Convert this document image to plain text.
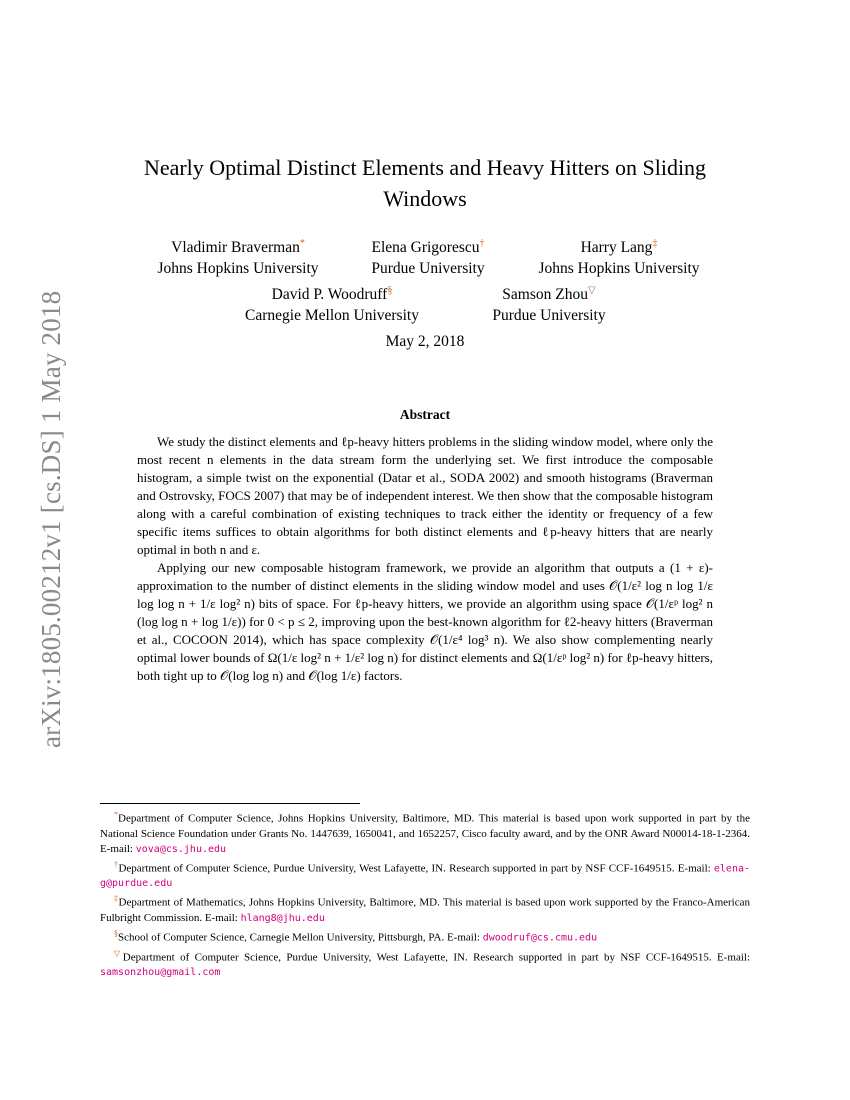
arXiv:1805.00212v1 [cs.DS] 1 May 2018
Nearly Optimal Distinct Elements and Heavy Hitters on Sliding Windows
Vladimir Braverman*
Johns Hopkins University
Elena Grigorescu†
Purdue University
Harry Lang‡
Johns Hopkins University
David P. Woodruff§
Carnegie Mellon University
Samson Zhou▽
Purdue University
May 2, 2018
Abstract

We study the distinct elements and ℓp-heavy hitters problems in the sliding window model, where only the most recent n elements in the data stream form the underlying set. We first introduce the composable histogram, a simple twist on the exponential (Datar et al., SODA 2002) and smooth histograms (Braverman and Ostrovsky, FOCS 2007) that may be of independent interest. We then show that the composable histogram along with a careful combination of existing techniques to track either the identity or frequency of a few specific items suffices to obtain algorithms for both distinct elements and ℓp-heavy hitters that are nearly optimal in both n and ε.

Applying our new composable histogram framework, we provide an algorithm that outputs a (1 + ε)-approximation to the number of distinct elements in the sliding window model and uses 𝒪(1/ε² log n log 1/ε log log n + 1/ε log² n) bits of space. For ℓp-heavy hitters, we provide an algorithm using space 𝒪(1/εᵖ log² n (log log n + log 1/ε)) for 0 < p ≤ 2, improving upon the best-known algorithm for ℓ2-heavy hitters (Braverman et al., COCOON 2014), which has space complexity 𝒪(1/ε⁴ log³ n). We also show complementing nearly optimal lower bounds of Ω(1/ε log² n + 1/ε² log n) for distinct elements and Ω(1/εᵖ log² n) for ℓp-heavy hitters, both tight up to 𝒪(log log n) and 𝒪(log 1/ε) factors.

*Department of Computer Science, Johns Hopkins University, Baltimore, MD. This material is based upon work supported in part by the National Science Foundation under Grants No. 1447639, 1650041, and 1652257, Cisco faculty award, and by the ONR Award N00014-18-1-2364. E-mail: vova@cs.jhu.edu

†Department of Computer Science, Purdue University, West Lafayette, IN. Research supported in part by NSF CCF-1649515. E-mail: elena-g@purdue.edu

‡Department of Mathematics, Johns Hopkins University, Baltimore, MD. This material is based upon work supported by the Franco-American Fulbright Commission. E-mail: hlang8@jhu.edu

§School of Computer Science, Carnegie Mellon University, Pittsburgh, PA. E-mail: dwoodruf@cs.cmu.edu

▽Department of Computer Science, Purdue University, West Lafayette, IN. Research supported in part by NSF CCF-1649515. E-mail: samsonzhou@gmail.com
